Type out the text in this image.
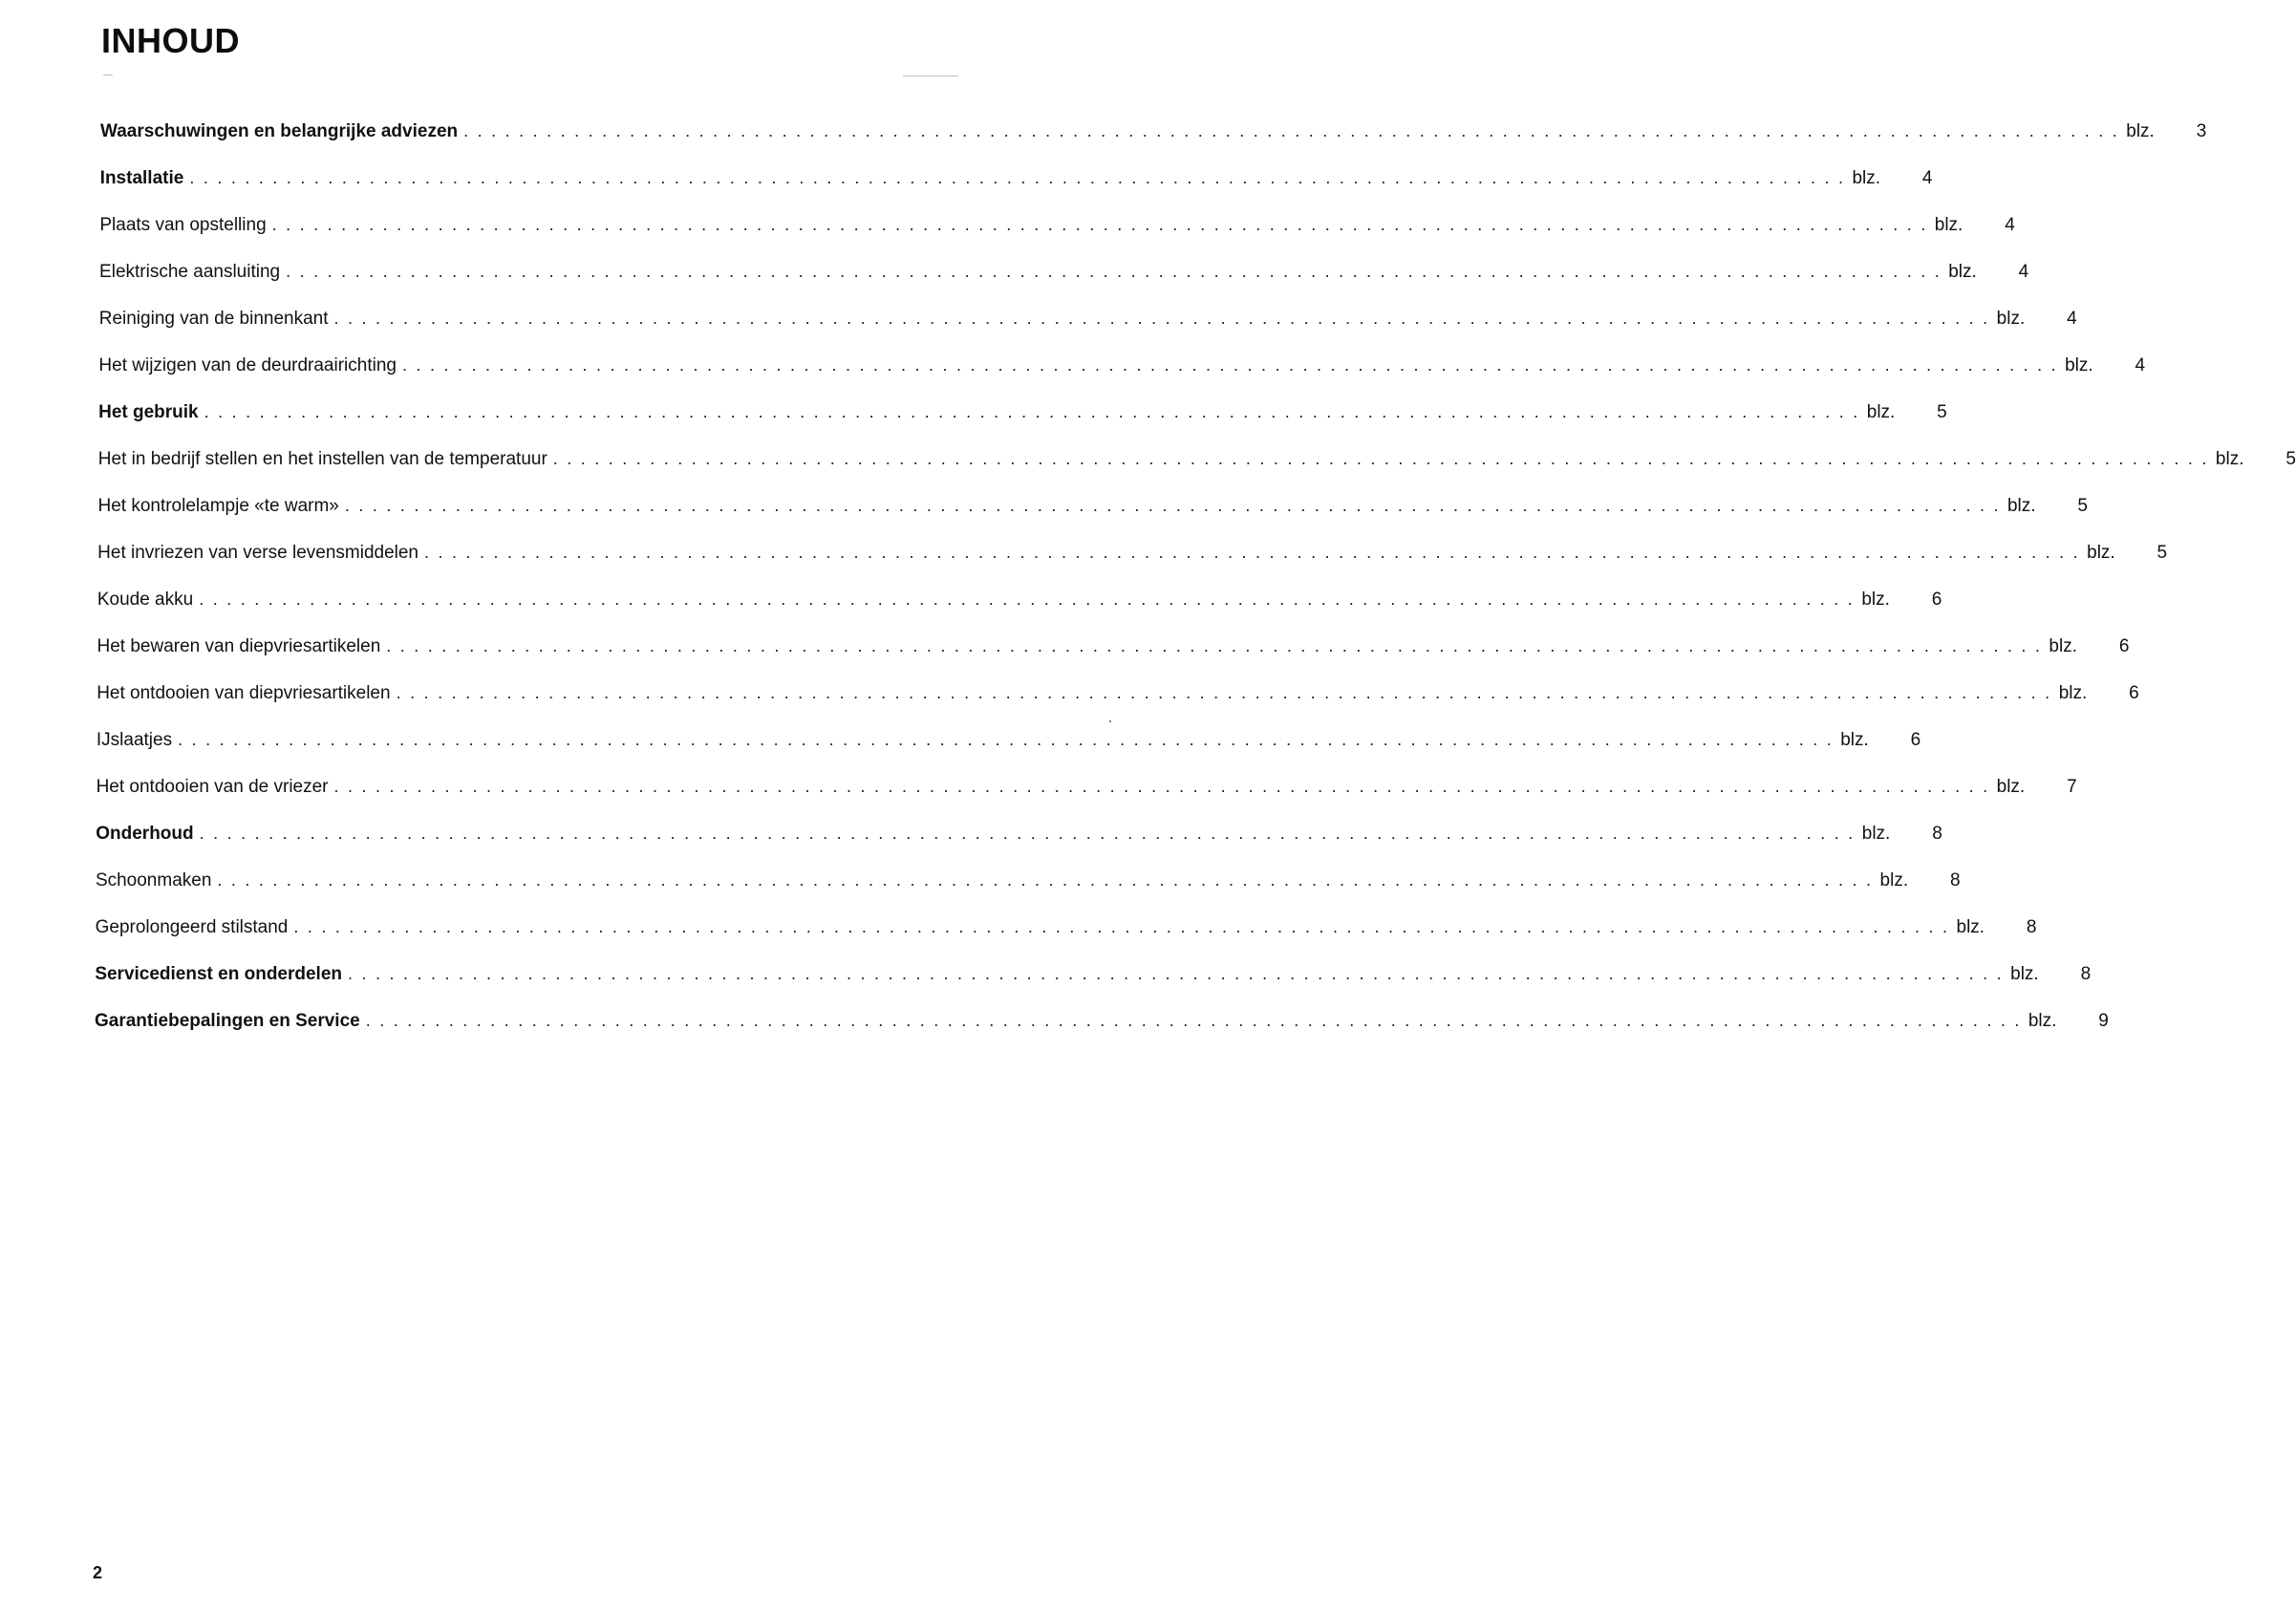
INHOUD
Waarschuwingen en belangrijke adviezen ........................................................................................................................ blz.	3
Installatie ........................................................................................................................ blz.	4
Plaats van opstelling ........................................................................................................................ blz.	4
Elektrische aansluiting ........................................................................................................................ blz.	4
Reiniging van de binnenkant ........................................................................................................................ blz.	4
Het wijzigen van de deurdraairichting ........................................................................................................................ blz.	4
Het gebruik ........................................................................................................................ blz.	5
Het in bedrijf stellen en het instellen van de temperatuur ........................................................................................................................ blz.	5
Het kontrolelampje «te warm» ........................................................................................................................ blz.	5
Het invriezen van verse levensmiddelen ........................................................................................................................ blz.	5
Koude akku ........................................................................................................................ blz.	6
Het bewaren van diepvriesartikelen ........................................................................................................................ blz.	6
Het ontdooien van diepvriesartikelen ........................................................................................................................ blz.	6
IJslaatjes ........................................................................................................................ blz.	6
Het ontdooien van de vriezer ........................................................................................................................ blz.	7
Onderhoud ........................................................................................................................ blz.	8
Schoonmaken ........................................................................................................................ blz.	8
Geprolongeerd stilstand ........................................................................................................................ blz.	8
Servicedienst en onderdelen ........................................................................................................................ blz.	8
Garantiebepalingen en Service ........................................................................................................................ blz.	9
2
